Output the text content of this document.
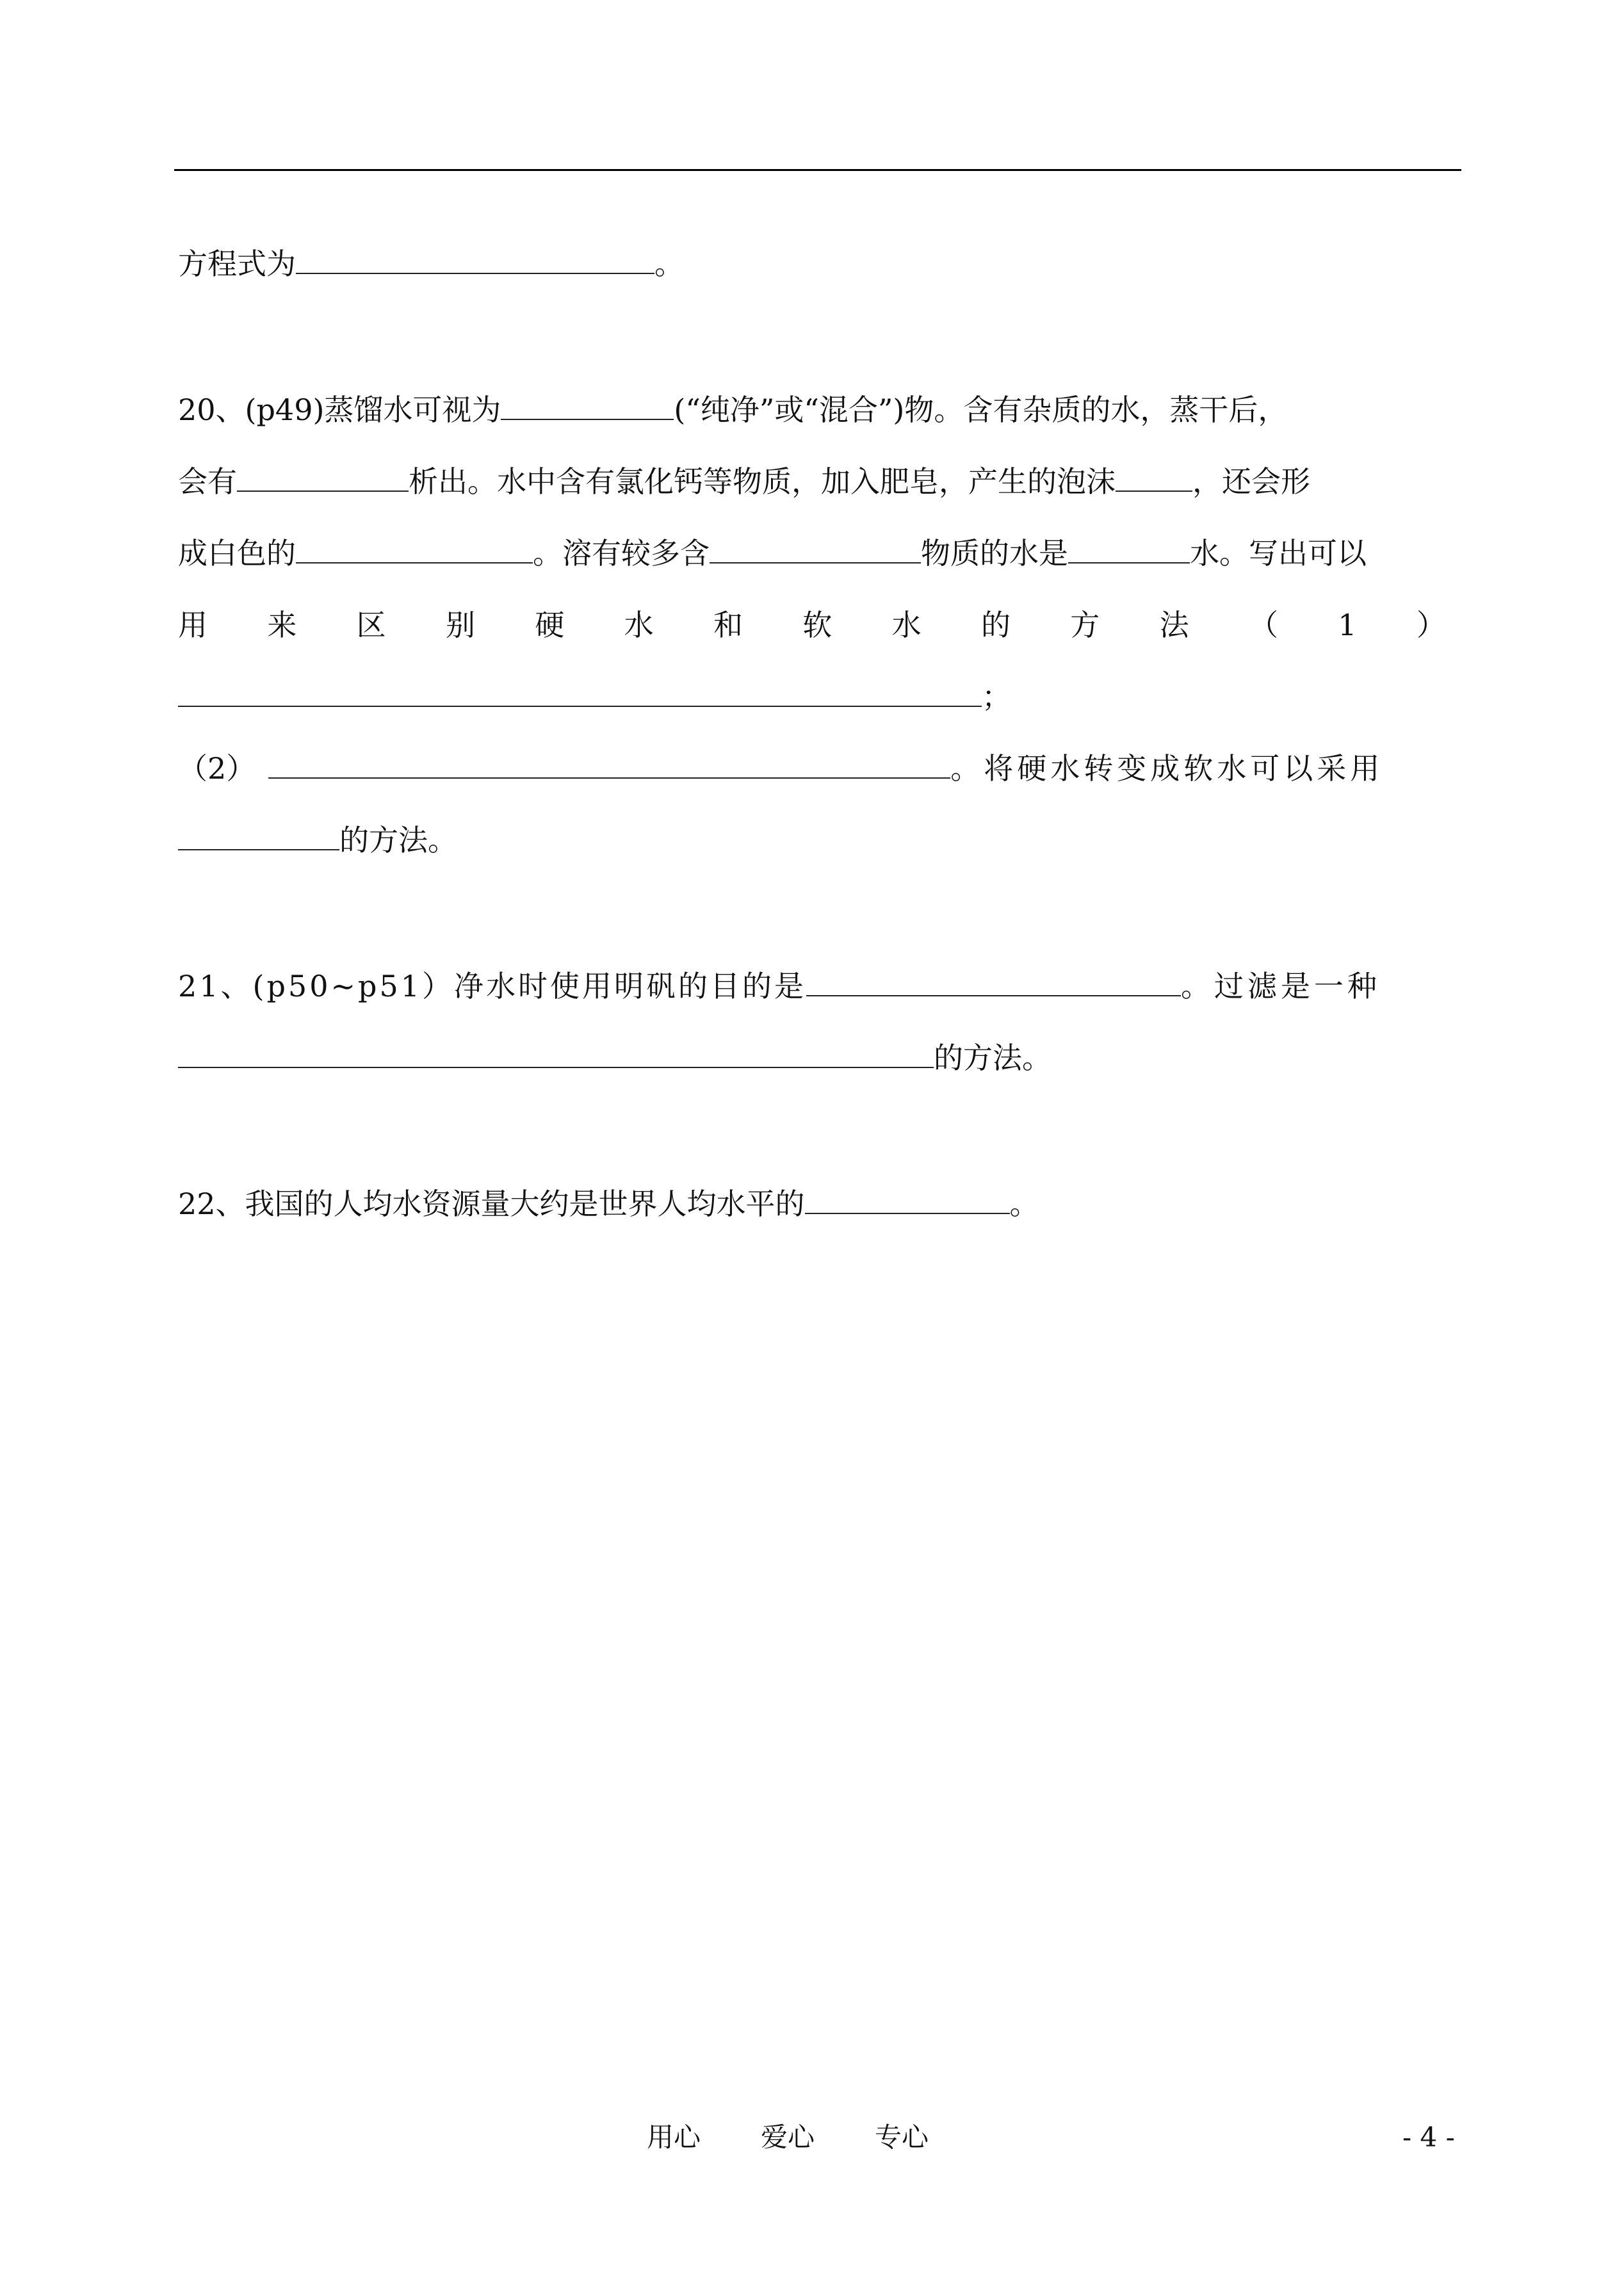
方程式为	。
20、(p49)蒸馏水可视为	(“纯净”或“混合”)物。含有杂质的水，蒸干后，
会有	析出。水中含有氯化钙等物质，加入肥皂，产生的泡沫	，还会形
成白色的	。溶有较多含	物质的水是	水。写出可以
用 来 区 别 硬 水 和 软 水 的 方 法 （ 1 ）
；
（2）	。将硬水转变成软水可以采用
的方法。
21、(p50~p51）净水时使用明矾的目的是	。过滤是一种
的方法。
22、我国的人均水资源量大约是世界人均水平的	。
用心 爱心 专心	- 4 -
